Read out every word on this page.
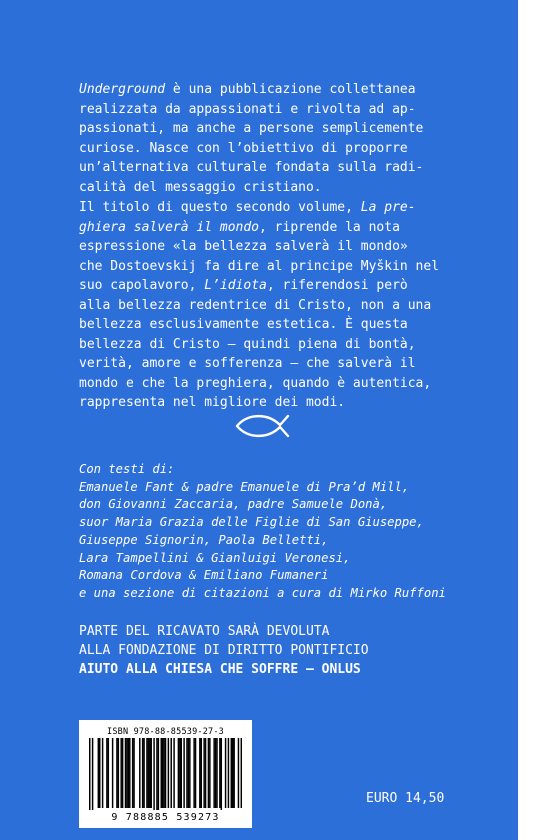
Underground è una pubblicazione collettanea
realizzata da appassionati e rivolta ad ap-
passionati, ma anche a persone semplicemente
curiose. Nasce con l’obiettivo di proporre
un’alternativa culturale fondata sulla radi-
calità del messaggio cristiano.
Il titolo di questo secondo volume, La pre-
ghiera salverà il mondo, riprende la nota
espressione «la bellezza salverà il mondo»
che Dostoevskij fa dire al principe Myškin nel
suo capolavoro, L’idiota, riferendosi però
alla bellezza redentrice di Cristo, non a una
bellezza esclusivamente estetica. È questa
bellezza di Cristo – quindi piena di bontà,
verità, amore e sofferenza – che salverà il
mondo e che la preghiera, quando è autentica,
rappresenta nel migliore dei modi.
Con testi di:
Emanuele Fant & padre Emanuele di Pra’d Mill,
don Giovanni Zaccaria, padre Samuele Donà,
suor Maria Grazia delle Figlie di San Giuseppe,
Giuseppe Signorin, Paola Belletti,
Lara Tampellini & Gianluigi Veronesi,
Romana Cordova & Emiliano Fumaneri
e una sezione di citazioni a cura di Mirko Ruffoni
PARTE DEL RICAVATO SARÀ DEVOLUTA
ALLA FONDAZIONE DI DIRITTO PONTIFICIO
AIUTO ALLA CHIESA CHE SOFFRE – ONLUS
ISBN 978-88-85539-27-3
9 788885 539273
EURO 14,50
